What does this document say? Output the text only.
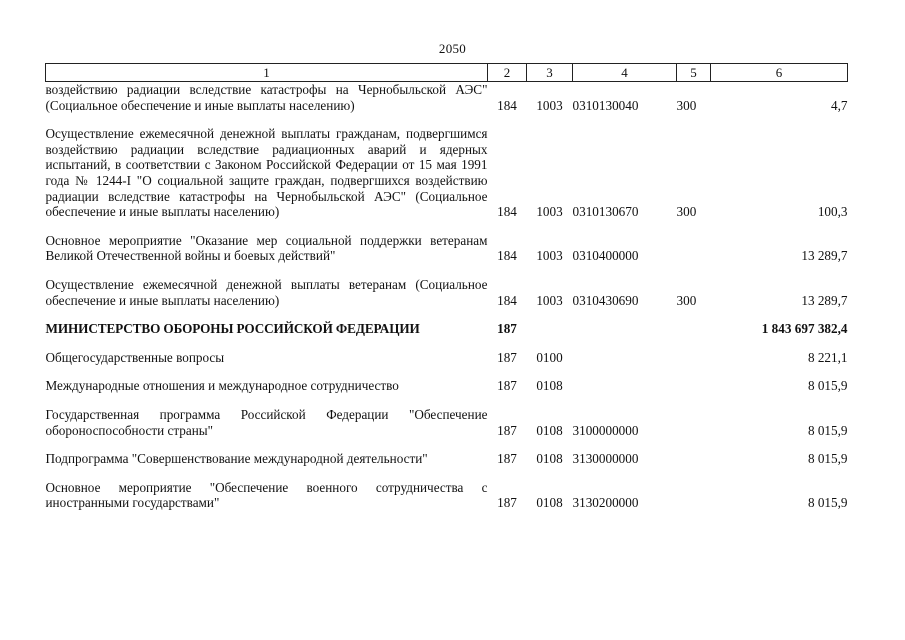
2050
1	2	3	4	5	6
воздействию радиации вследствие катастрофы на Чернобыльской АЭС" (Социальное обеспечение и иные выплаты населению)	184	1003	0310130040	300	4,7

Осуществление ежемесячной денежной выплаты гражданам, подвергшимся воздействию радиации вследствие радиационных аварий и ядерных испытаний, в соответствии с Законом Российской Федерации от 15 мая 1991 года № 1244-I "О социальной защите граждан, подвергшихся воздействию радиации вследствие катастрофы на Чернобыльской АЭС" (Социальное обеспечение и иные выплаты населению)	184	1003	0310130670	300	100,3

Основное мероприятие "Оказание мер социальной поддержки ветеранам Великой Отечественной войны и боевых действий"	184	1003	0310400000		13 289,7

Осуществление ежемесячной денежной выплаты ветеранам (Социальное обеспечение и иные выплаты населению)	184	1003	0310430690	300	13 289,7

МИНИСТЕРСТВО ОБОРОНЫ РОССИЙСКОЙ ФЕДЕРАЦИИ	187				1 843 697 382,4

Общегосударственные вопросы	187	0100			8 221,1

Международные отношения и международное сотрудничество	187	0108			8 015,9

Государственная программа Российской Федерации "Обеспечение обороноспособности страны"	187	0108	3100000000		8 015,9

Подпрограмма "Совершенствование международной деятельности"	187	0108	3130000000		8 015,9

Основное мероприятие "Обеспечение военного сотрудничества с иностранными государствами"	187	0108	3130200000		8 015,9
